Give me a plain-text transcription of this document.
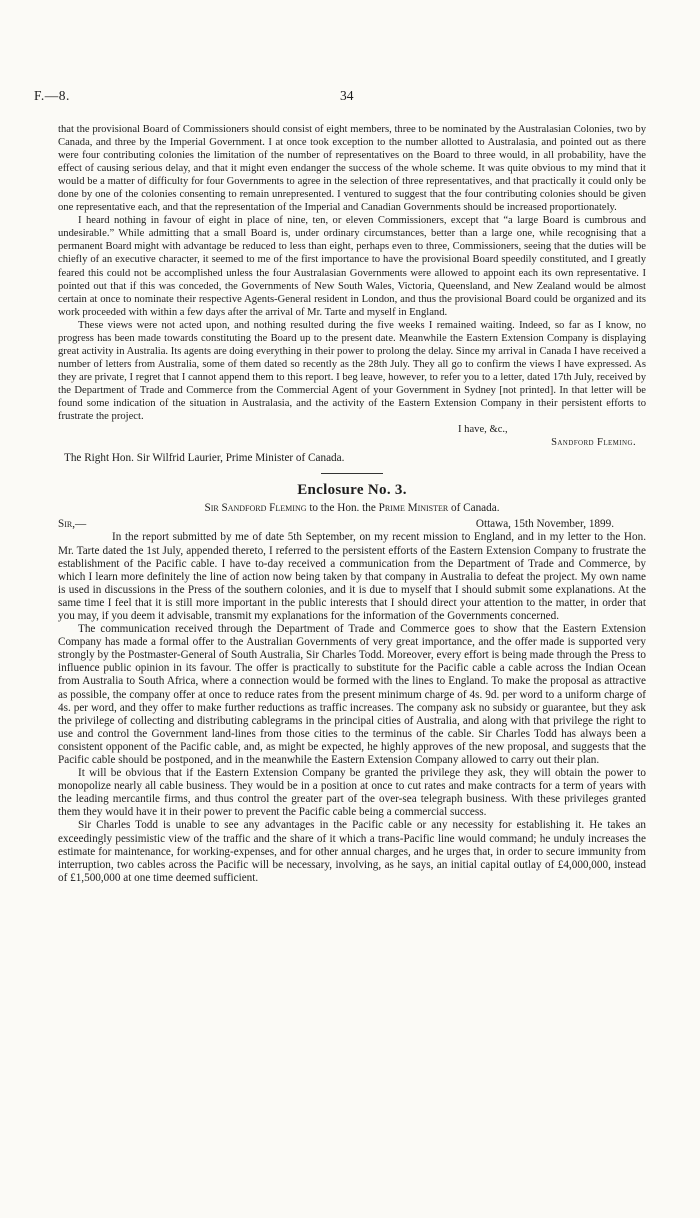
F.—8.	34

that the provisional Board of Commissioners should consist of eight members, three to be nominated by the Australasian Colonies, two by Canada, and three by the Imperial Government. I at once took exception to the number allotted to Australasia, and pointed out as there were four contributing colonies the limitation of the number of representatives on the Board to three would, in all probability, have the effect of causing serious delay, and that it might even endanger the success of the whole scheme. It was quite obvious to my mind that it would be a matter of difficulty for four Governments to agree in the selection of three representatives, and that practically it could only be done by one of the colonies consenting to remain unrepresented. I ventured to suggest that the four contributing colonies should be given one representative each, and that the representation of the Imperial and Canadian Governments should be increased proportionately.

I heard nothing in favour of eight in place of nine, ten, or eleven Commissioners, except that “a large Board is cumbrous and undesirable.” While admitting that a small Board is, under ordinary circumstances, better than a large one, while recognising that a permanent Board might with advantage be reduced to less than eight, perhaps even to three, Commissioners, seeing that the duties will be chiefly of an executive character, it seemed to me of the first importance to have the provisional Board speedily constituted, and I greatly feared this could not be accomplished unless the four Australasian Governments were allowed to appoint each its own representative. I pointed out that if this was conceded, the Governments of New South Wales, Victoria, Queensland, and New Zealand would be almost certain at once to nominate their respective Agents-General resident in London, and thus the provisional Board could be organized and its work proceeded with within a few days after the arrival of Mr. Tarte and myself in England.

These views were not acted upon, and nothing resulted during the five weeks I remained waiting. Indeed, so far as I know, no progress has been made towards constituting the Board up to the present date. Meanwhile the Eastern Extension Company is displaying great activity in Australia. Its agents are doing everything in their power to prolong the delay. Since my arrival in Canada I have received a number of letters from Australia, some of them dated so recently as the 28th July. They all go to confirm the views I have expressed. As they are private, I regret that I cannot append them to this report. I beg leave, however, to refer you to a letter, dated 17th July, received by the Department of Trade and Commerce from the Commercial Agent of your Government in Sydney [not printed]. In that letter will be found some indication of the situation in Australasia, and the activity of the Eastern Extension Company in their persistent efforts to frustrate the project.

I have, &c.,

Sandford Fleming.

The Right Hon. Sir Wilfrid Laurier, Prime Minister of Canada.

Enclosure No. 3.

Sir Sandford Fleming to the Hon. the Prime Minister of Canada.

Sir,—	Ottawa, 15th November, 1899.

In the report submitted by me of date 5th September, on my recent mission to England, and in my letter to the Hon. Mr. Tarte dated the 1st July, appended thereto, I referred to the persistent efforts of the Eastern Extension Company to frustrate the establishment of the Pacific cable. I have to-day received a communication from the Department of Trade and Commerce, by which I learn more definitely the line of action now being taken by that company in Australia to defeat the project. My own name is used in discussions in the Press of the southern colonies, and it is due to myself that I should submit some explanations. At the same time I feel that it is still more important in the public interests that I should direct your attention to the matter, in order that you may, if you deem it advisable, transmit my explanations for the information of the Governments concerned.

The communication received through the Department of Trade and Commerce goes to show that the Eastern Extension Company has made a formal offer to the Australian Governments of very great importance, and the offer made is supported very strongly by the Postmaster-General of South Australia, Sir Charles Todd. Moreover, every effort is being made through the Press to influence public opinion in its favour. The offer is practically to substitute for the Pacific cable a cable across the Indian Ocean from Australia to South Africa, where a connection would be formed with the lines to England. To make the proposal as attractive as possible, the company offer at once to reduce rates from the present minimum charge of 4s. 9d. per word to a uniform charge of 4s. per word, and they offer to make further reductions as traffic increases. The company ask no subsidy or guarantee, but they ask the privilege of collecting and distributing cablegrams in the principal cities of Australia, and along with that privilege the right to use and control the Government land-lines from those cities to the terminus of the cable. Sir Charles Todd has always been a consistent opponent of the Pacific cable, and, as might be expected, he highly approves of the new proposal, and suggests that the Pacific cable should be postponed, and in the meanwhile the Eastern Extension Company allowed to carry out their plan.

It will be obvious that if the Eastern Extension Company be granted the privilege they ask, they will obtain the power to monopolize nearly all cable business. They would be in a position at once to cut rates and make contracts for a term of years with the leading mercantile firms, and thus control the greater part of the over-sea telegraph business. With these privileges granted them they would have it in their power to prevent the Pacific cable being a commercial success.

Sir Charles Todd is unable to see any advantages in the Pacific cable or any necessity for establishing it. He takes an exceedingly pessimistic view of the traffic and the share of it which a trans-Pacific line would command; he unduly increases the estimate for maintenance, for working-expenses, and for other annual charges, and he urges that, in order to secure immunity from interruption, two cables across the Pacific will be necessary, involving, as he says, an initial capital outlay of £4,000,000, instead of £1,500,000 at one time deemed sufficient.
